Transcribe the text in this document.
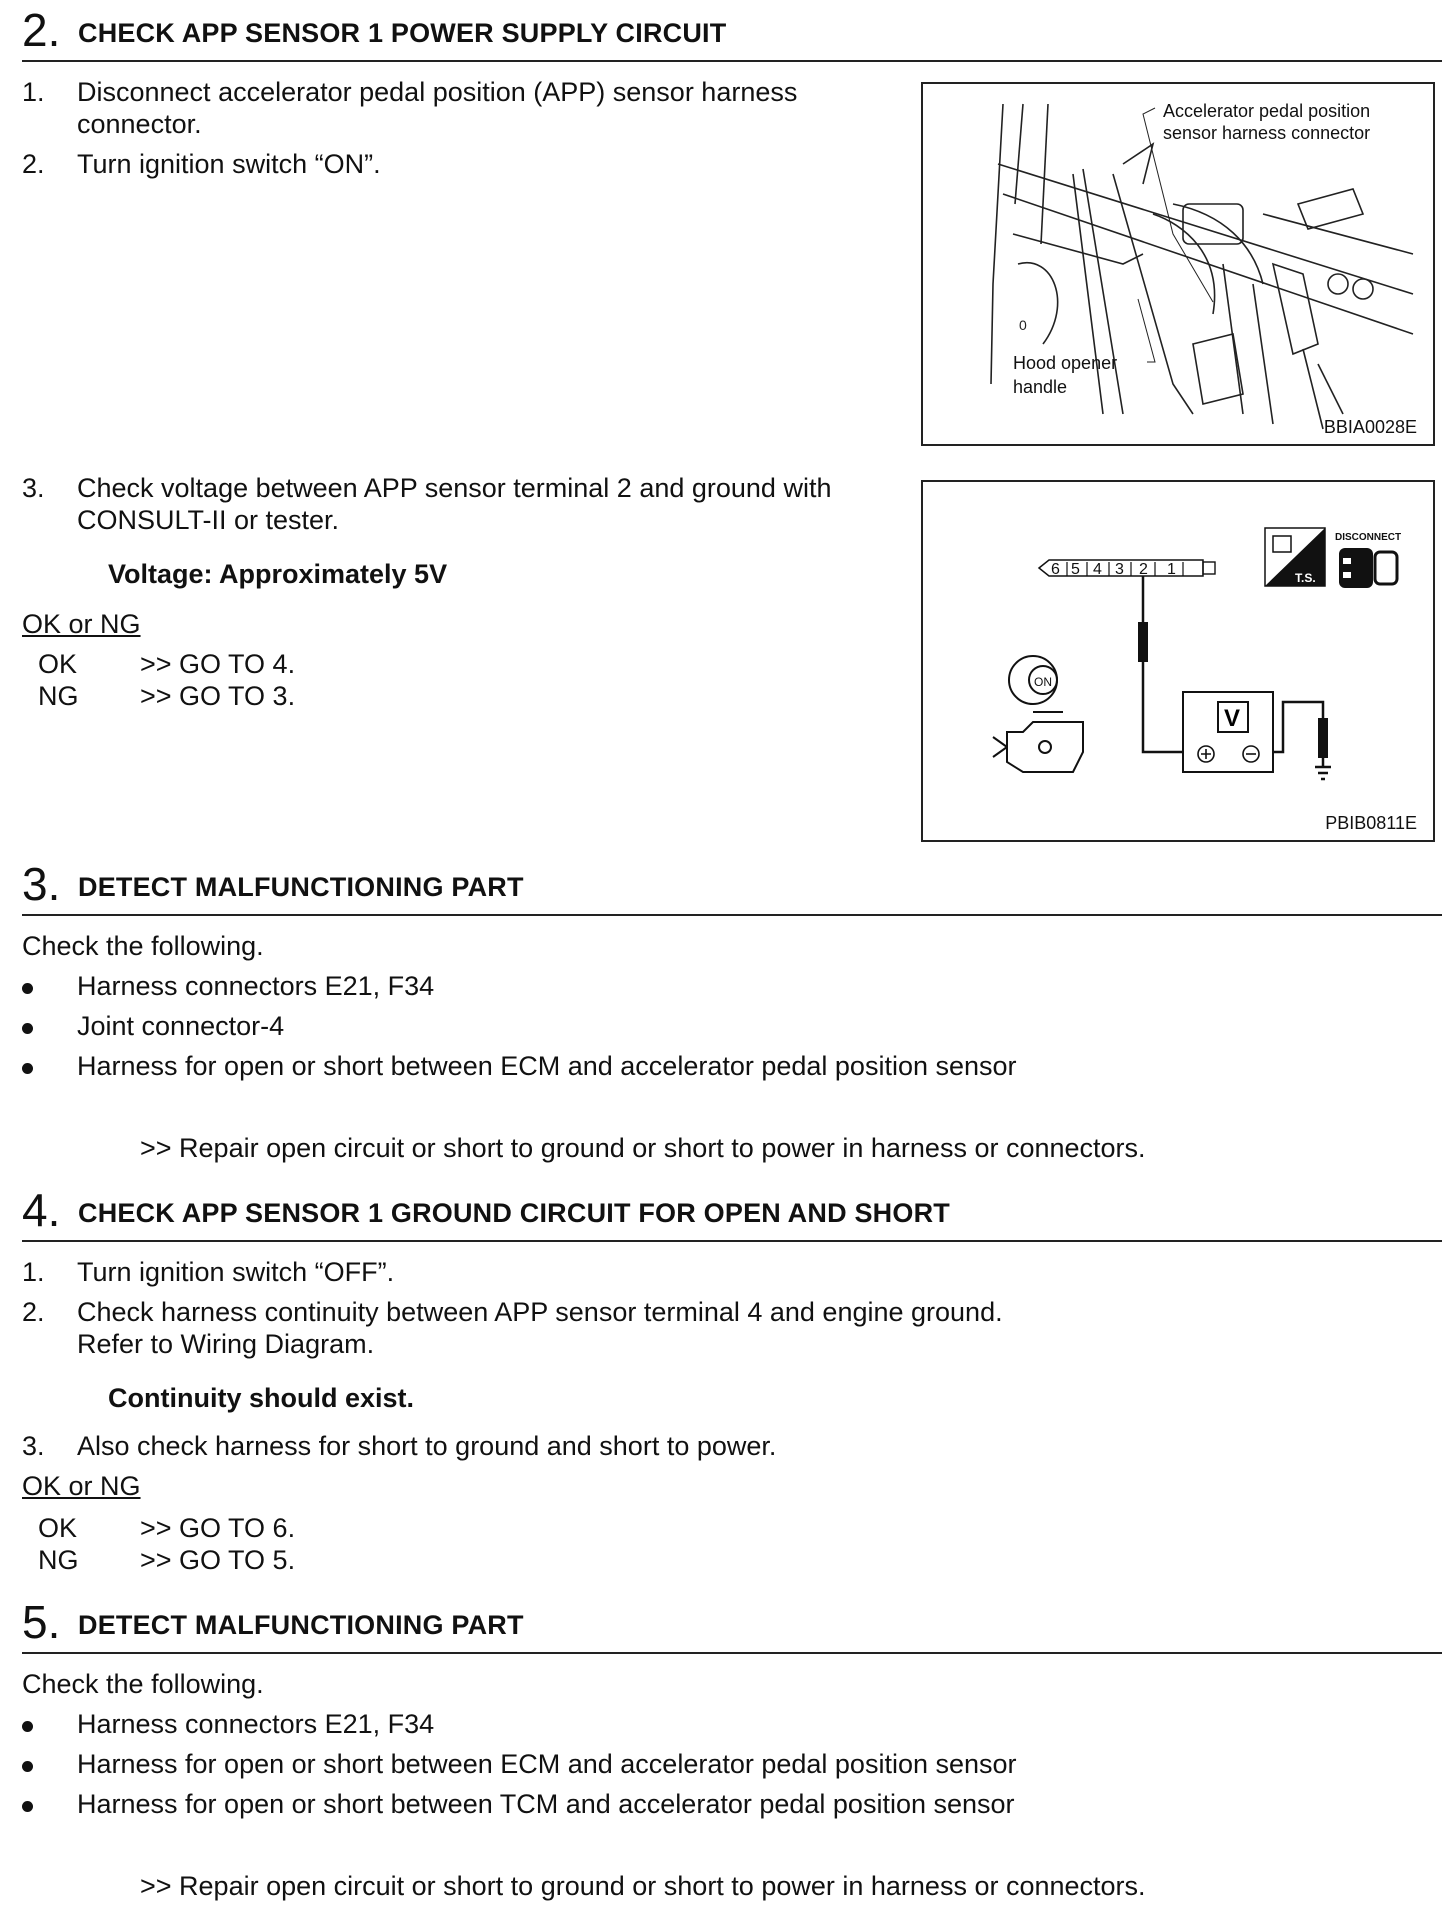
2. CHECK APP SENSOR 1 POWER SUPPLY CIRCUIT
1. Disconnect accelerator pedal position (APP) sensor harness
connector.
2. Turn ignition switch “ON”.
0
Accelerator pedal position
sensor harness connector
Hood opener
handle
BBIA0028E
3. Check voltage between APP sensor terminal 2 and ground with
CONSULT-II or tester.
Voltage: Approximately 5V
OK or NG
OK >> GO TO 4.
NG >> GO TO 3.
6 5 4 3 2 1
V
ON
T.S.
DISCONNECT
PBIB0811E
3. DETECT MALFUNCTIONING PART
Check the following.
Harness connectors E21, F34
Joint connector-4
Harness for open or short between ECM and accelerator pedal position sensor
>> Repair open circuit or short to ground or short to power in harness or connectors.
4. CHECK APP SENSOR 1 GROUND CIRCUIT FOR OPEN AND SHORT
1. Turn ignition switch “OFF”.
2. Check harness continuity between APP sensor terminal 4 and engine ground.
Refer to Wiring Diagram.
Continuity should exist.
3. Also check harness for short to ground and short to power.
OK or NG
OK >> GO TO 6.
NG >> GO TO 5.
5. DETECT MALFUNCTIONING PART
Check the following.
Harness connectors E21, F34
Harness for open or short between ECM and accelerator pedal position sensor
Harness for open or short between TCM and accelerator pedal position sensor
>> Repair open circuit or short to ground or short to power in harness or connectors.
